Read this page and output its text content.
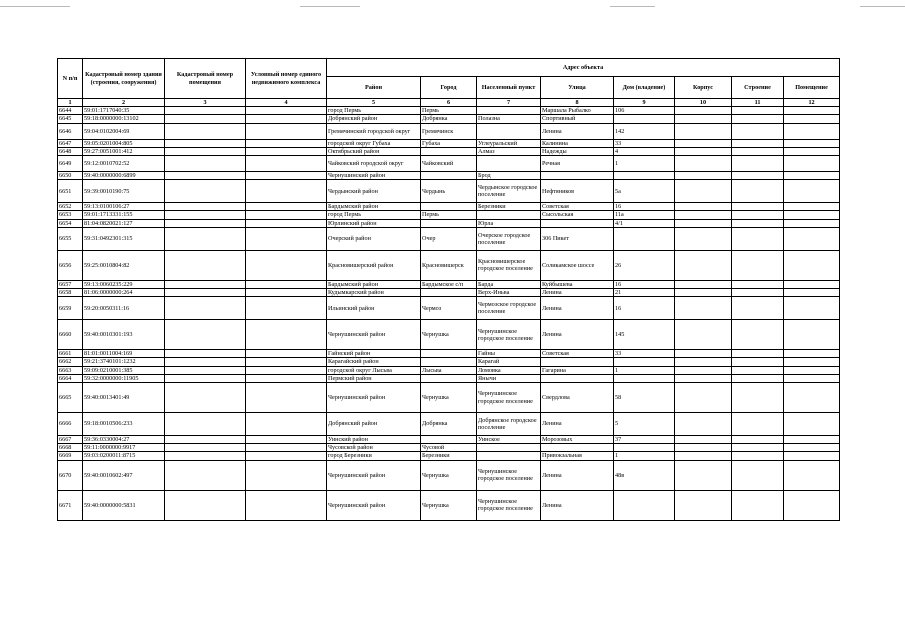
N п/п	Кадастровый номер здания (строения, сооружения)	Кадастровый номер помещения	Условный номер единого недвижимого комплекса	Адрес объекта							
				Район	Город	Населенный пункт	Улица	Дом (владение)	Корпус	Строение	Помещение
1	2	3	4	5	6	7	8	9	10	11	12
6644	59:01:1717040:35			город Пермь	Пермь		Маршала Рыбалко	106			
6645	59:18:0000000:13102			Добрянский район	Добрянка	Полазна	Спортивный				
6646	59:04:0102004:69			Гремячинский городской округ	Гремячинск		Ленина	142			
6647	59:05:0201004:805			городской округ Губаха	Губаха	Углеуральский	Калинина	33			
6648	59:27:0051001:412			Октябрьский район		Алмаз	Надежды	4			
6649	59:12:0010702:52			Чайковский городской округ	Чайковский		Речная	1			
6650	59:40:0000000:6899			Чернушинский район		Брод					
6651	59:39:0010190:75			Чердынский район	Чердынь	Чердынское городское поселение	Нефтяников	5а			
6652	59:13:0100106:27			Бардымский район		Березники	Советская	16			
6653	59:01:1713331:155			город Пермь	Пермь		Сысольская	11а			
6654	81:04:0820021:127			Юрлинский район		Юрла		4/1			
6655	59:31:0492301:315			Очерский район	Очер	Очерское городское поселение	306 Пикет				
6656	59:25:0010804:82			Красновишерский район	Красновишерск	Красновишерское городское поселение	Соликамское шоссе	26			
6657	59:13:0060235:229			Бардымский район	Бардымское с/п	Барда	Куйбышева	16			
6658	81:06:0000000:264			Кудымкарский район		Верх-Иньва	Ленина	21			
6659	59:20:0050311:16			Ильинский район	Чермоз	Чермозское городское поселение	Ленина	16			
6660	59:40:0010301:193			Чернушинский район	Чернушка	Чернушинское городское поселение	Ленина	145			
6661	81:01:0011004:169			Гайнский район		Гайны	Советская	33			
6662	59:21:3740101:1232			Карагайский район		Карагай					
6663	59:09:0210001:385			городской округ Лысьва	Лысьва	Ломовка	Гагарина	1			
6664	59:32:0000000:11905			Пермский район		Янычи					
6665	59:40:0013401:49			Чернушинский район	Чернушка	Чернушинское городское поселение	Свердлова	58			
6666	59:18:0010506:233			Добрянский район	Добрянка	Добрянское городское поселение	Ленина	5			
6667	59:36:0330004:27			Уинский район		Уинское	Морозовых	37			
6668	59:11:0000000:9917			Чусовской район	Чусовой						
6669	59:03:0200011:8715			город Березники	Березники		Привокзальная	1			
6670	59:40:0010602:497			Чернушинский район	Чернушка	Чернушинское городское поселение	Ленина	48в			
6671	59:40:0000000:5831			Чернушинский район	Чернушка	Чернушинское городское поселение	Ленина				
